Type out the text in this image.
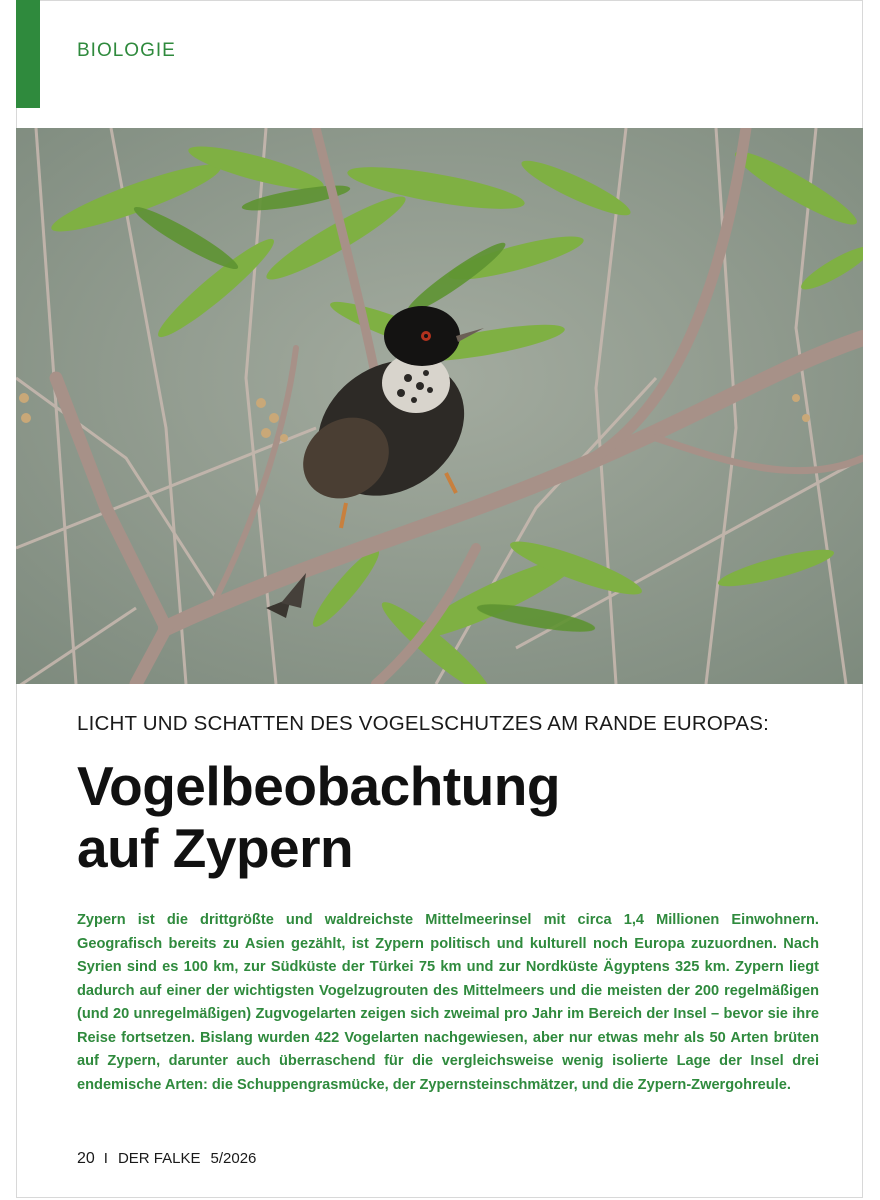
BIOLOGIE
LICHT UND SCHATTEN DES VOGELSCHUTZES AM RANDE EUROPAS:
Vogelbeobachtung
auf Zypern

Zypern ist die drittgrößte und waldreichste Mittelmeerinsel mit circa 1,4 Millionen Einwohnern. Geografisch bereits zu Asien gezählt, ist Zypern politisch und kulturell noch Europa zuzuordnen. Nach Syrien sind es 100 km, zur Südküste der Türkei 75 km und zur Nordküste Ägyptens 325 km. Zypern liegt dadurch auf einer der wichtigsten Vogelzugrouten des Mittelmeers und die meisten der 200 regelmäßigen (und 20 unregelmäßigen) Zugvogelarten zeigen sich zweimal pro Jahr im Bereich der Insel – bevor sie ihre Reise fortsetzen. Bislang wurden 422 Vogelarten nachgewiesen, aber nur etwas mehr als 50 Arten brüten auf Zypern, darunter auch überraschend für die vergleichsweise wenig isolierte Lage der Insel drei endemische Arten: die Schuppengrasmücke, der Zypernsteinschmätzer, und die Zypern-Zwergohreule.

20 I DER FALKE 5/2026
